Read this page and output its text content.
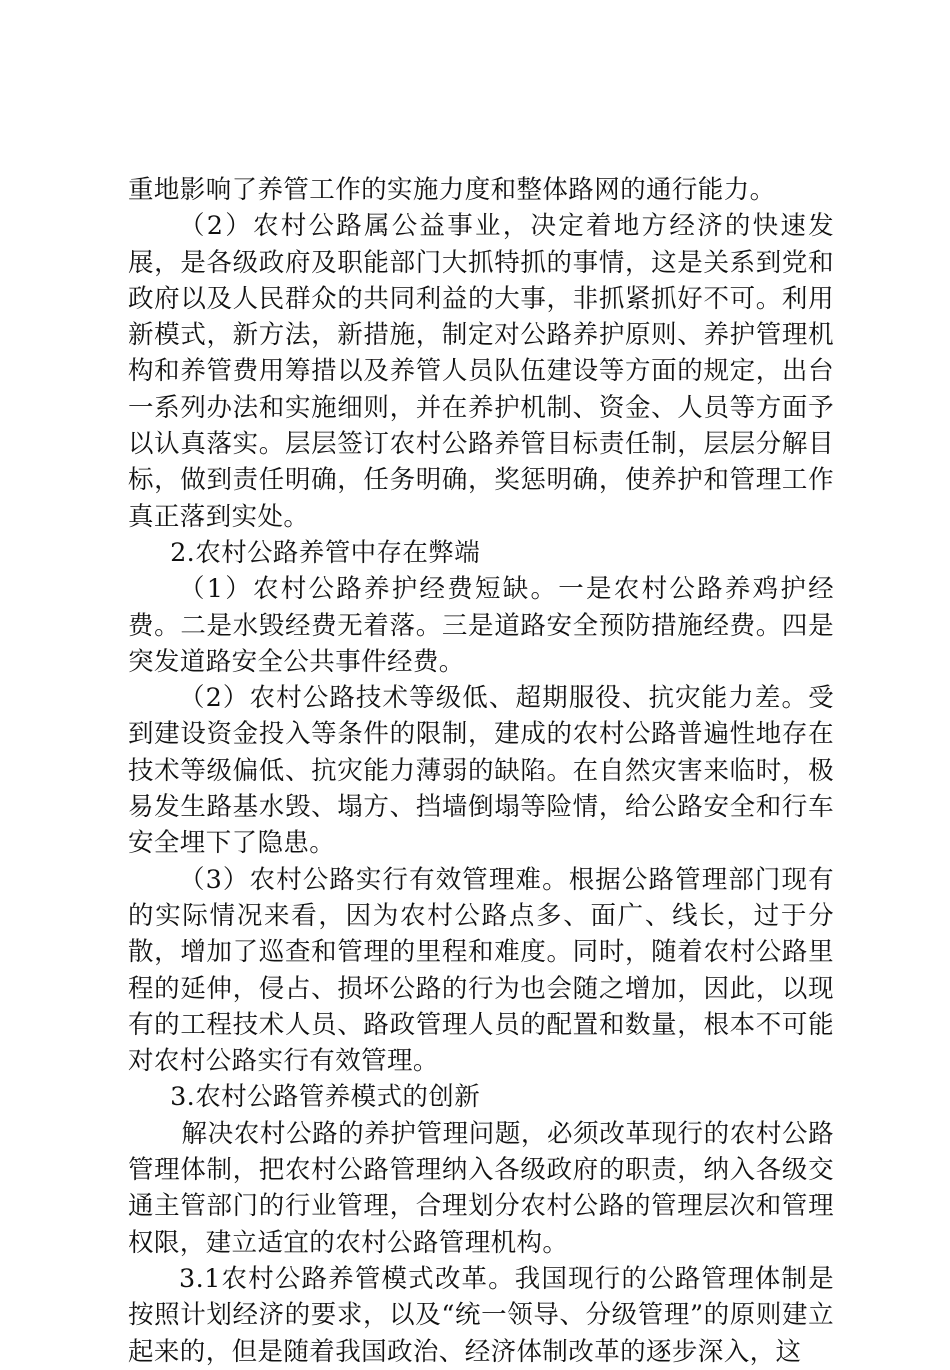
重地影响了养管工作的实施力度和整体路网的通行能力。

（2）农村公路属公益事业，决定着地方经济的快速发展，是各级政府及职能部门大抓特抓的事情，这是关系到党和政府以及人民群众的共同利益的大事，非抓紧抓好不可。利用新模式，新方法，新措施，制定对公路养护原则、养护管理机构和养管费用筹措以及养管人员队伍建设等方面的规定，出台一系列办法和实施细则，并在养护机制、资金、人员等方面予以认真落实。层层签订农村公路养管目标责任制，层层分解目标，做到责任明确，任务明确，奖惩明确，使养护和管理工作真正落到实处。

2.农村公路养管中存在弊端

（1）农村公路养护经费短缺。一是农村公路养鸡护经费。二是水毁经费无着落。三是道路安全预防措施经费。四是突发道路安全公共事件经费。

（2）农村公路技术等级低、超期服役、抗灾能力差。受到建设资金投入等条件的限制，建成的农村公路普遍性地存在技术等级偏低、抗灾能力薄弱的缺陷。在自然灾害来临时，极易发生路基水毁、塌方、挡墙倒塌等险情，给公路安全和行车安全埋下了隐患。

（3）农村公路实行有效管理难。根据公路管理部门现有的实际情况来看，因为农村公路点多、面广、线长，过于分散，增加了巡查和管理的里程和难度。同时，随着农村公路里程的延伸，侵占、损坏公路的行为也会随之增加，因此，以现有的工程技术人员、路政管理人员的配置和数量，根本不可能对农村公路实行有效管理。

3.农村公路管养模式的创新

解决农村公路的养护管理问题，必须改革现行的农村公路管理体制，把农村公路管理纳入各级政府的职责，纳入各级交通主管部门的行业管理，合理划分农村公路的管理层次和管理权限，建立适宜的农村公路管理机构。

3.1农村公路养管模式改革。我国现行的公路管理体制是按照计划经济的要求，以及“统一领导、分级管理”的原则建立起来的，但是随着我国政治、经济体制改革的逐步深入，这
